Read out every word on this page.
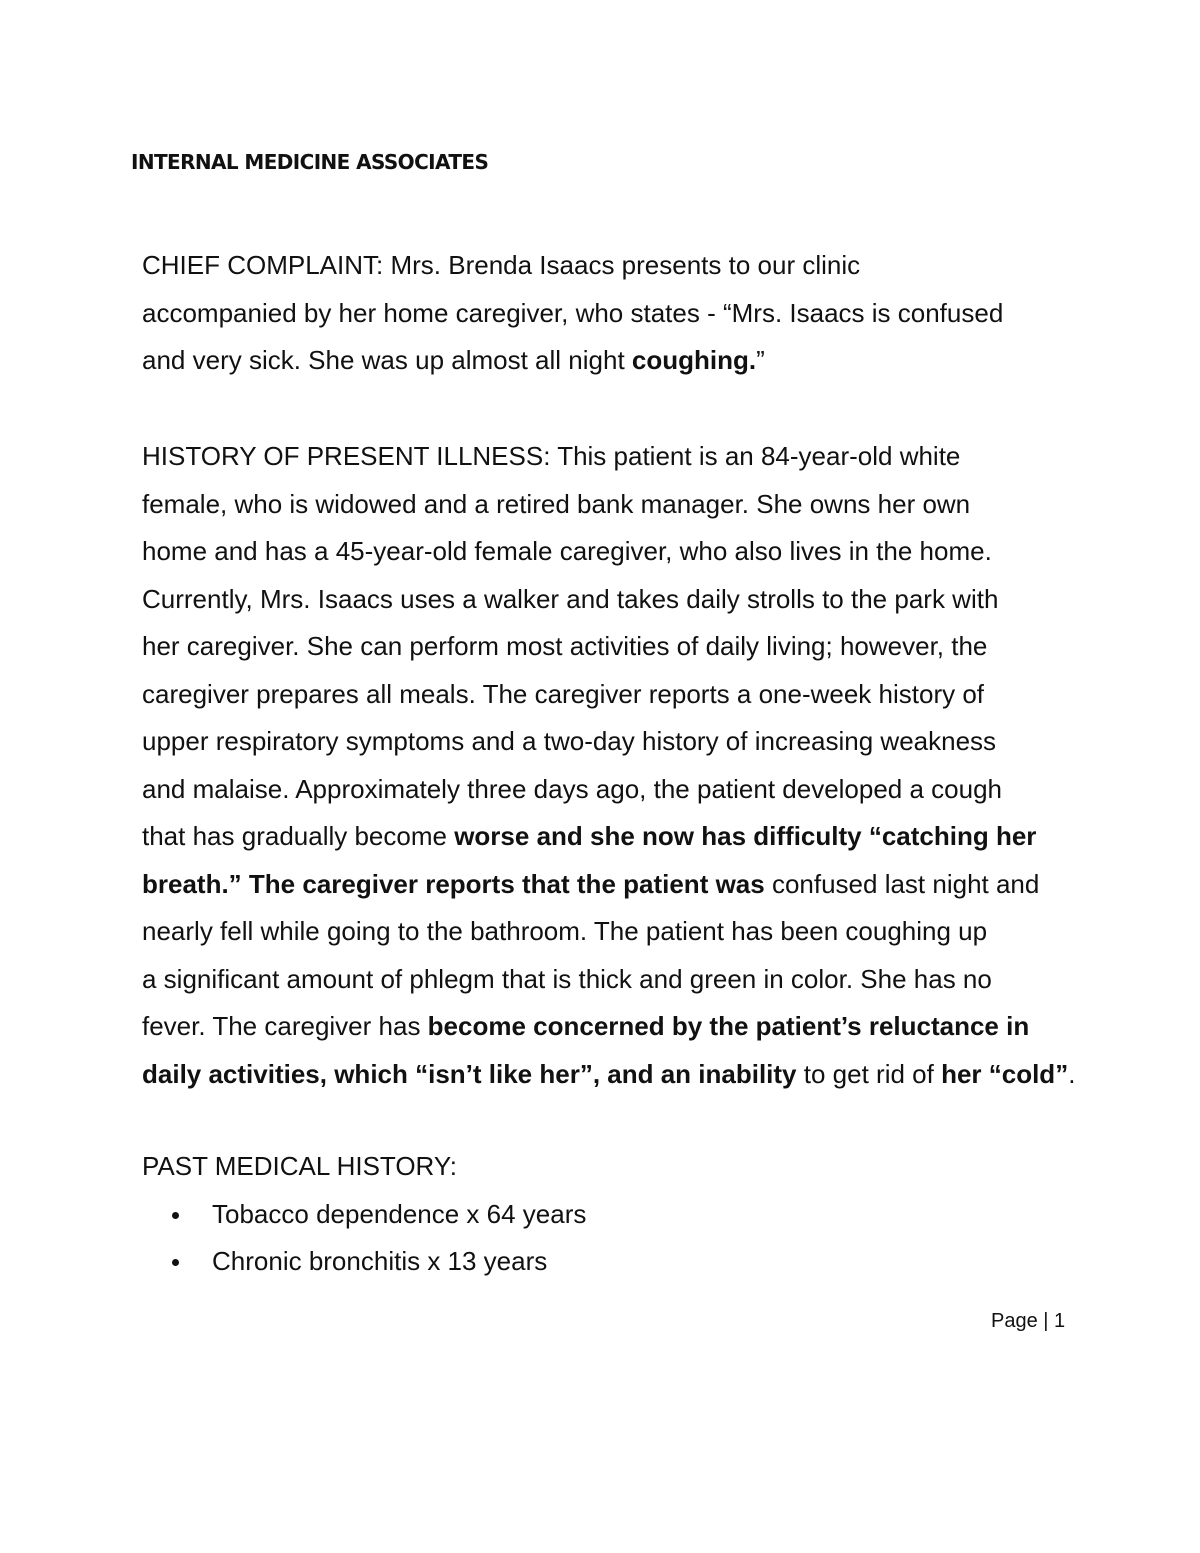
INTERNAL MEDICINE ASSOCIATES
CHIEF COMPLAINT: Mrs. Brenda Isaacs presents to our clinic
accompanied by her home caregiver, who states - “Mrs. Isaacs is confused
and very sick. She was up almost all night coughing.”
HISTORY OF PRESENT ILLNESS: This patient is an 84-year-old white
female, who is widowed and a retired bank manager. She owns her own
home and has a 45-year-old female caregiver, who also lives in the home.
Currently, Mrs. Isaacs uses a walker and takes daily strolls to the park with
her caregiver. She can perform most activities of daily living; however, the
caregiver prepares all meals. The caregiver reports a one-week history of
upper respiratory symptoms and a two-day history of increasing weakness
and malaise. Approximately three days ago, the patient developed a cough
that has gradually become worse and she now has difficulty “catching her
breath.” The caregiver reports that the patient was confused last night and
nearly fell while going to the bathroom. The patient has been coughing up
a significant amount of phlegm that is thick and green in color. She has no
fever. The caregiver has become concerned by the patient’s reluctance in
daily activities, which “isn’t like her”, and an inability to get rid of her “cold”.
PAST MEDICAL HISTORY:
Tobacco dependence x 64 years
Chronic bronchitis x 13 years
Page | 1
